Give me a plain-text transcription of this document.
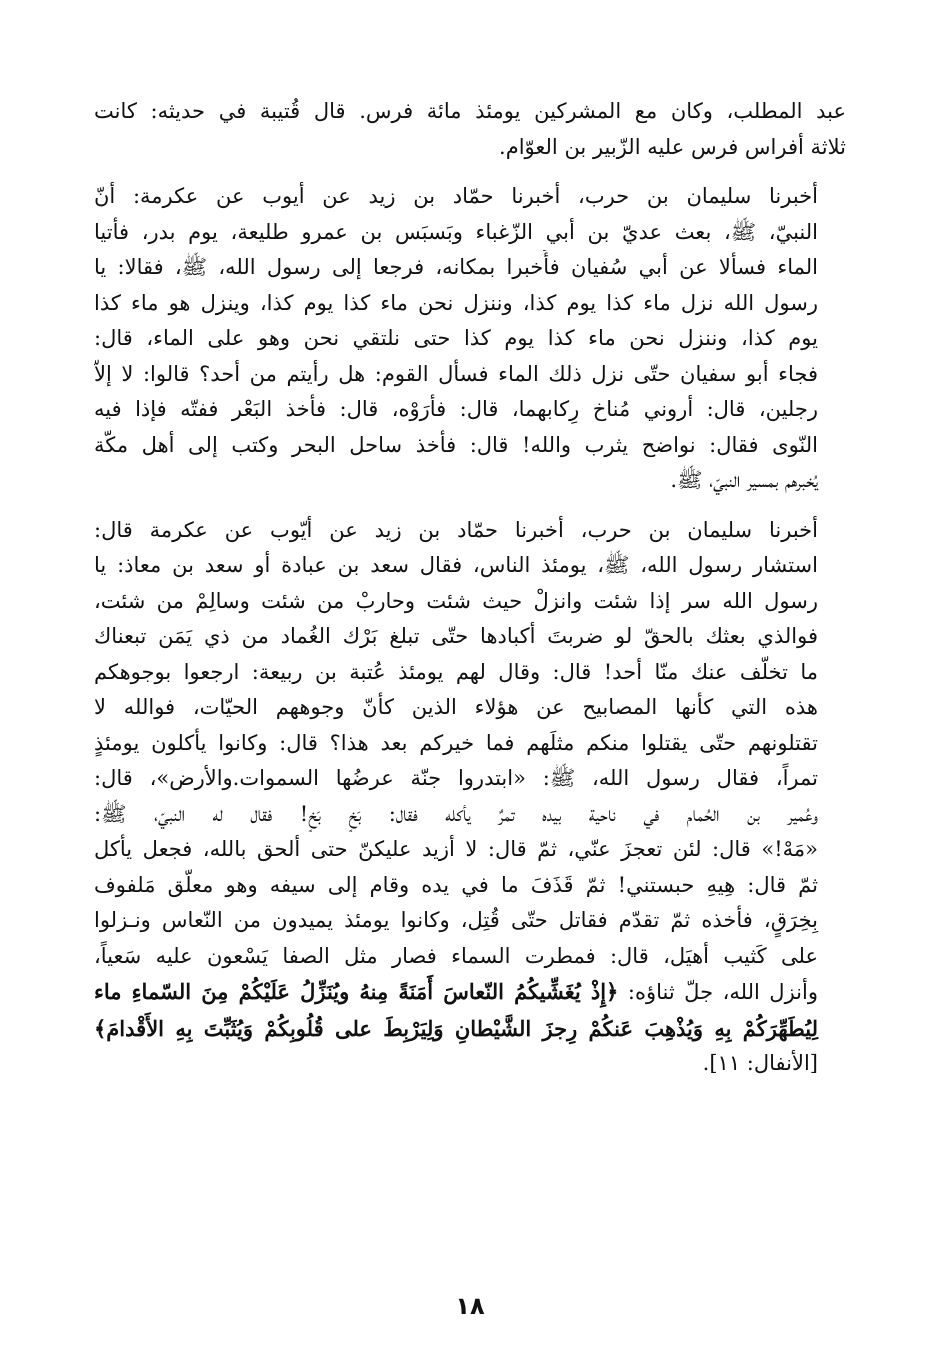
عبد المطلب، وكان مع المشركين يومئذ مائة فرس. قال قُتيبة في حديثه: كانت
ثلاثة أفراس فرس عليه الزّبير بن العوّام.

أخبرنا سليمان بن حرب، أخبرنا حمّاد بن زيد عن أيوب عن عكرمة: أنّ
النبيّ، ﷺ، بعث عديّ بن أبي الزّغباء وبَسبَس بن عمرو طليعة، يوم بدر، فأتيا
الماء فسألا عن أبي سُفيان فأُخبرا بمكانه، فرجعا إلى رسول الله، ﷺ، فقالا: يا
رسول الله نزل ماء كذا يوم كذا، وننزل نحن ماء كذا يوم كذا، وينزل هو ماء كذا
يوم كذا، وننزل نحن ماء كذا يوم كذا حتى نلتقي نحن وهو على الماء، قال:
فجاء أبو سفيان حتّى نزل ذلك الماء فسأل القوم: هل رأيتم من أحد؟ قالوا: لا إلاّ
رجلين، قال: أروني مُناخ رِكابهما، قال: فأرَوْه، قال: فأخذ البَعْر ففتّه فإذا فيه
النّوى فقال: نواضح يثرب والله! قال: فأخذ ساحل البحر وكتب إلى أهل مكّة
يُخبرهم بمسير النبيّ، ﷺ.

أخبرنا سليمان بن حرب، أخبرنا حمّاد بن زيد عن أيّوب عن عكرمة قال:
استشار رسول الله، ﷺ، يومئذ الناس، فقال سعد بن عبادة أو سعد بن معاذ: يا
رسول الله سر إذا شئت وانزلْ حيث شئت وحاربْ من شئت وسالِمْ من شئت،
فوالذي بعثك بالحقّ لو ضربتَ أكبادها حتّى تبلغ بَرْك الغُماد من ذي يَمَن تبعناك
ما تخلّف عنك منّا أحد! قال: وقال لهم يومئذ عُتبة بن ربيعة: ارجعوا بوجوهكم
هذه التي كأنها المصابيح عن هؤلاء الذين كأنّ وجوههم الحيّات، فوالله لا
تقتلونهم حتّى يقتلوا منكم مثلَهم فما خيركم بعد هذا؟ قال: وكانوا يأكلون يومئذٍ
تمراً، فقال رسول الله، ﷺ: «ابتدروا جنّة عرضُها السموات.والأرض»، قال:
وعُمير بن الحُمام في ناحية بيده تمرٌ يأكله فقال: بَخٍ بَخٍ! فقال له النبيّ، ﷺ:
«مَهْ!» قال: لئن تعجزَ عنّي، ثمّ قال: لا أزيد عليكنّ حتى ألحق بالله، فجعل يأكل
ثمّ قال: هِيهِ حبستني! ثمّ قَذَفَ ما في يده وقام إلى سيفه وهو معلّق مَلفوف
بِخِرَقٍ، فأخذه ثمّ تقدّم فقاتل حتّى قُتِل، وكانوا يومئذ يميدون من النّعاس ونـزلوا
على كَثيب أهيَل، قال: فمطرت السماء فصار مثل الصفا يَسْعون عليه سَعياً،
وأنزل الله، جلّ ثناؤه: ﴿إِذْ يُغَشِّيكُمُ النّعاسَ أَمَنَةً مِنهُ ويُنَزِّلُ عَلَيْكُمْ مِنَ السّماءِ ماء
لِيُطَهِّرَكُمْ بِهِ وَيُذْهِبَ عَنكُمْ رِجزَ الشَّيْطانِ وَلِيَرْبِطَ على قُلُوبِكُمْ وَيُثَبِّتَ بِهِ الأَقْدامَ﴾
[الأنفال: ١١].

١٨
